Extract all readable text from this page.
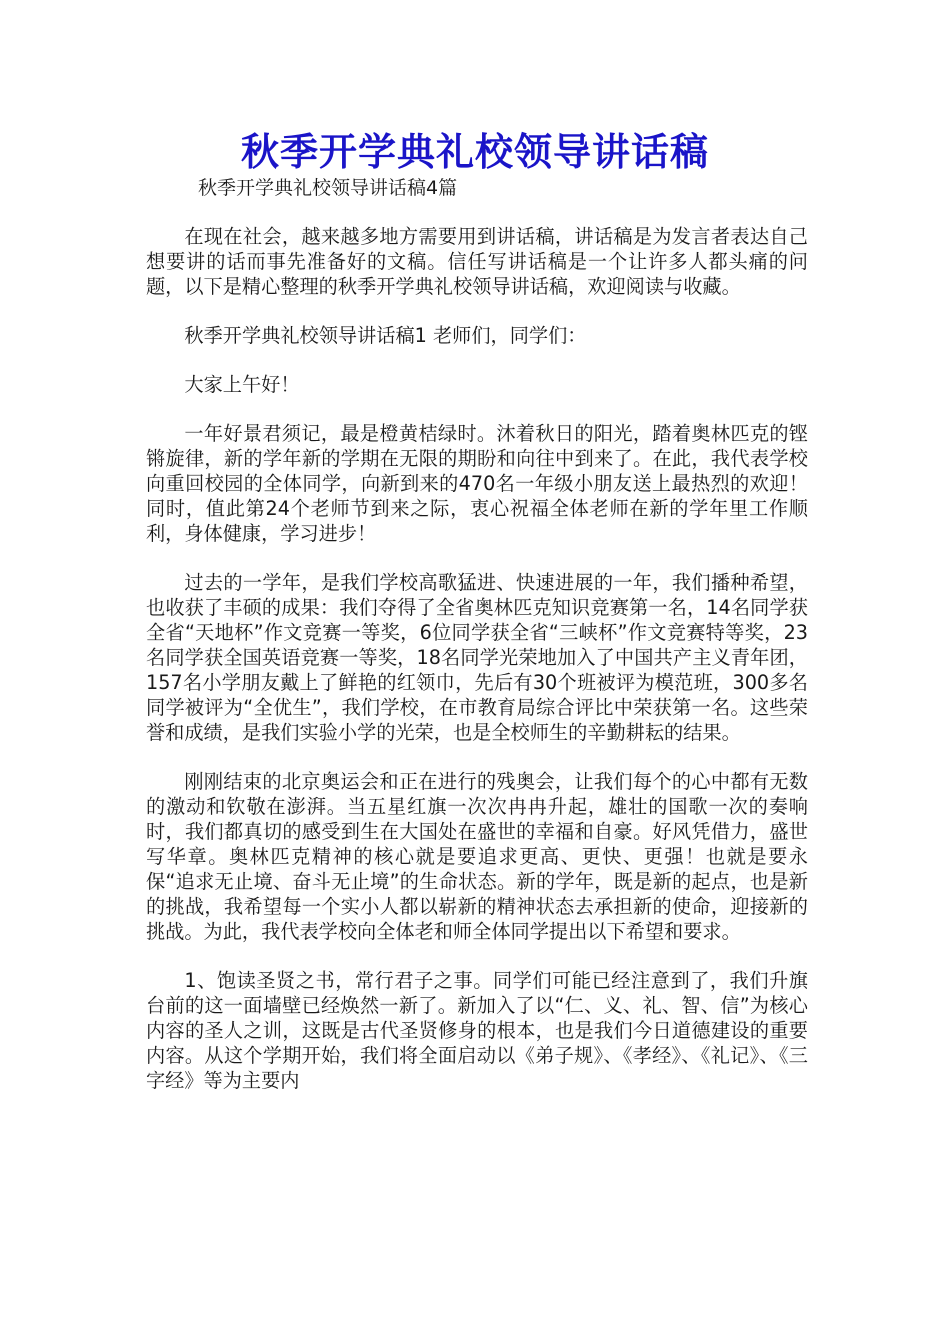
秋季开学典礼校领导讲话稿
秋季开学典礼校领导讲话稿4篇

在现在社会，越来越多地方需要用到讲话稿，讲话稿是为发言者表达自己想要讲的话而事先准备好的文稿。信任写讲话稿是一个让许多人都头痛的问题，以下是精心整理的秋季开学典礼校领导讲话稿，欢迎阅读与收藏。

秋季开学典礼校领导讲话稿1 老师们，同学们：

大家上午好！

一年好景君须记，最是橙黄桔绿时。沐着秋日的阳光，踏着奥林匹克的铿锵旋律，新的学年新的学期在无限的期盼和向往中到来了。在此，我代表学校向重回校园的全体同学，向新到来的470名一年级小朋友送上最热烈的欢迎！同时，值此第24个老师节到来之际，衷心祝福全体老师在新的学年里工作顺利，身体健康，学习进步！

过去的一学年，是我们学校高歌猛进、快速进展的一年，我们播种希望，也收获了丰硕的成果：我们夺得了全省奥林匹克知识竞赛第一名，14名同学获全省“天地杯”作文竞赛一等奖，6位同学获全省“三峡杯”作文竞赛特等奖，23名同学获全国英语竞赛一等奖，18名同学光荣地加入了中国共产主义青年团，157名小学朋友戴上了鲜艳的红领巾，先后有30个班被评为模范班，300多名同学被评为“全优生”，我们学校，在市教育局综合评比中荣获第一名。这些荣誉和成绩，是我们实验小学的光荣，也是全校师生的辛勤耕耘的结果。

刚刚结束的北京奥运会和正在进行的残奥会，让我们每个的心中都有无数的激动和钦敬在澎湃。当五星红旗一次次冉冉升起，雄壮的国歌一次的奏响时，我们都真切的感受到生在大国处在盛世的幸福和自豪。好风凭借力，盛世写华章。奥林匹克精神的核心就是要追求更高、更快、更强！也就是要永保“追求无止境、奋斗无止境”的生命状态。新的学年，既是新的起点，也是新的挑战，我希望每一个实小人都以崭新的精神状态去承担新的使命，迎接新的挑战。为此，我代表学校向全体老和师全体同学提出以下希望和要求。

1、饱读圣贤之书，常行君子之事。同学们可能已经注意到了，我们升旗台前的这一面墙壁已经焕然一新了。新加入了以“仁、义、礼、智、信”为核心内容的圣人之训，这既是古代圣贤修身的根本，也是我们今日道德建设的重要内容。从这个学期开始，我们将全面启动以《弟子规》、《孝经》、《礼记》、《三字经》等为主要内
